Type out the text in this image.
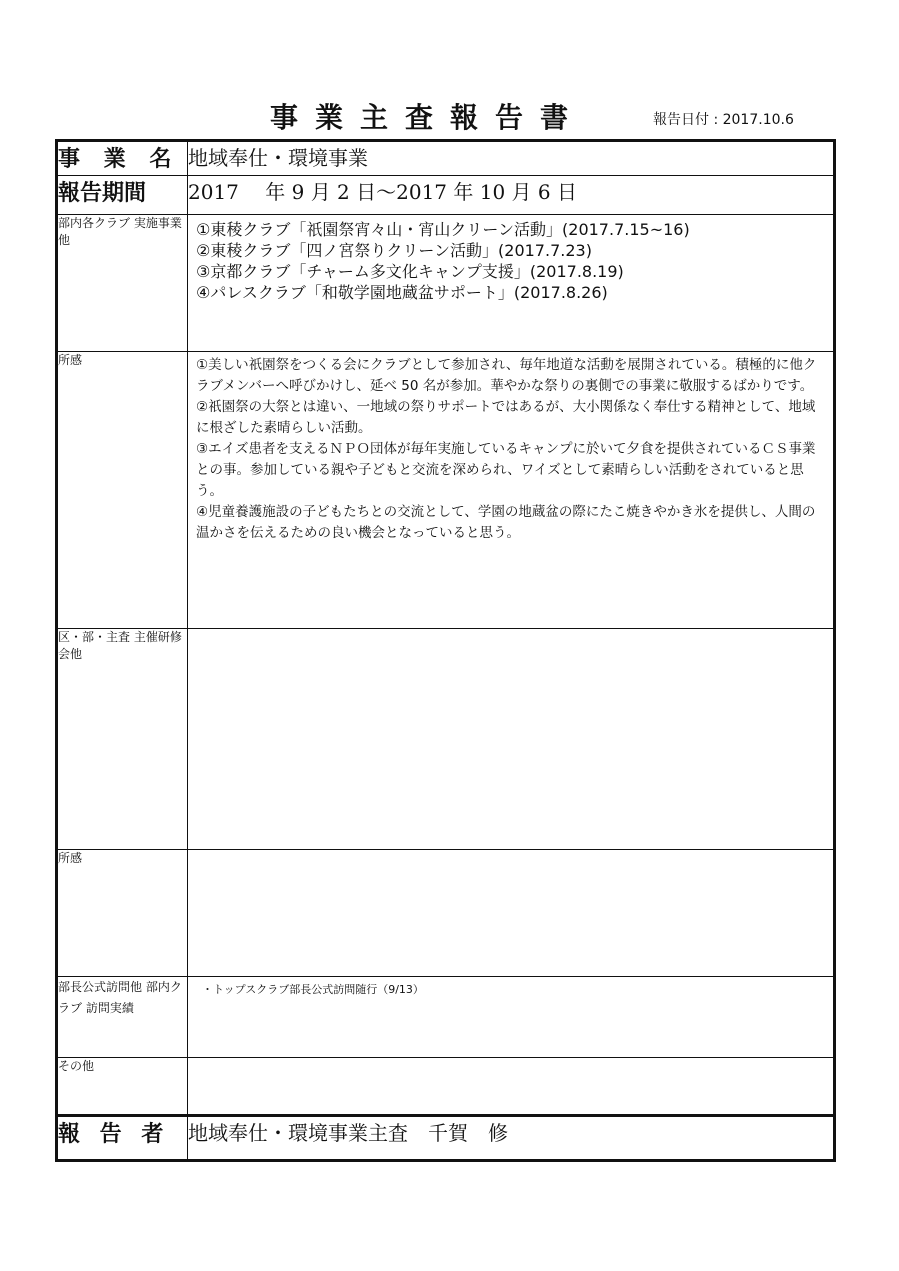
事業主査報告書	報告日付 : 2017.10.6
事 業 名	地域奉仕・環境事業
報告期間	2017　 年 9 月 2 日〜2017 年 10 月 6 日
部内各クラブ 実施事業他	①東稜クラブ「祇園祭宵々山・宵山クリーン活動」(2017.7.15~16)
②東稜クラブ「四ノ宮祭りクリーン活動」(2017.7.23)
③京都クラブ「チャーム多文化キャンプ支援」(2017.8.19)
④パレスクラブ「和敬学園地蔵盆サポート」(2017.8.26)

所感	①美しい祇園祭をつくる会にクラブとして参加され、毎年地道な活動を展開されている。積極的に他クラブメンバーへ呼びかけし、延べ 50 名が参加。華やかな祭りの裏側での事業に敬服するばかりです。

②祇園祭の大祭とは違い、一地域の祭りサポートではあるが、大小関係なく奉仕する精神として、地域に根ざした素晴らしい活動。

③エイズ患者を支えるＮＰＯ団体が毎年実施しているキャンプに於いて夕食を提供されているＣＳ事業との事。参加している親や子どもと交流を深められ、ワイズとして素晴らしい活動をされていると思う。

④児童養護施設の子どもたちとの交流として、学園の地蔵盆の際にたこ焼きやかき氷を提供し、人間の温かさを伝えるための良い機会となっていると思う。

区・部・主査 主催研修会他	
所感	
部長公式訪問他 部内クラブ 訪問実績	・トップスクラブ部長公式訪問随行（9/13）

その他	
報 告 者	地域奉仕・環境事業主査　千賀　修
